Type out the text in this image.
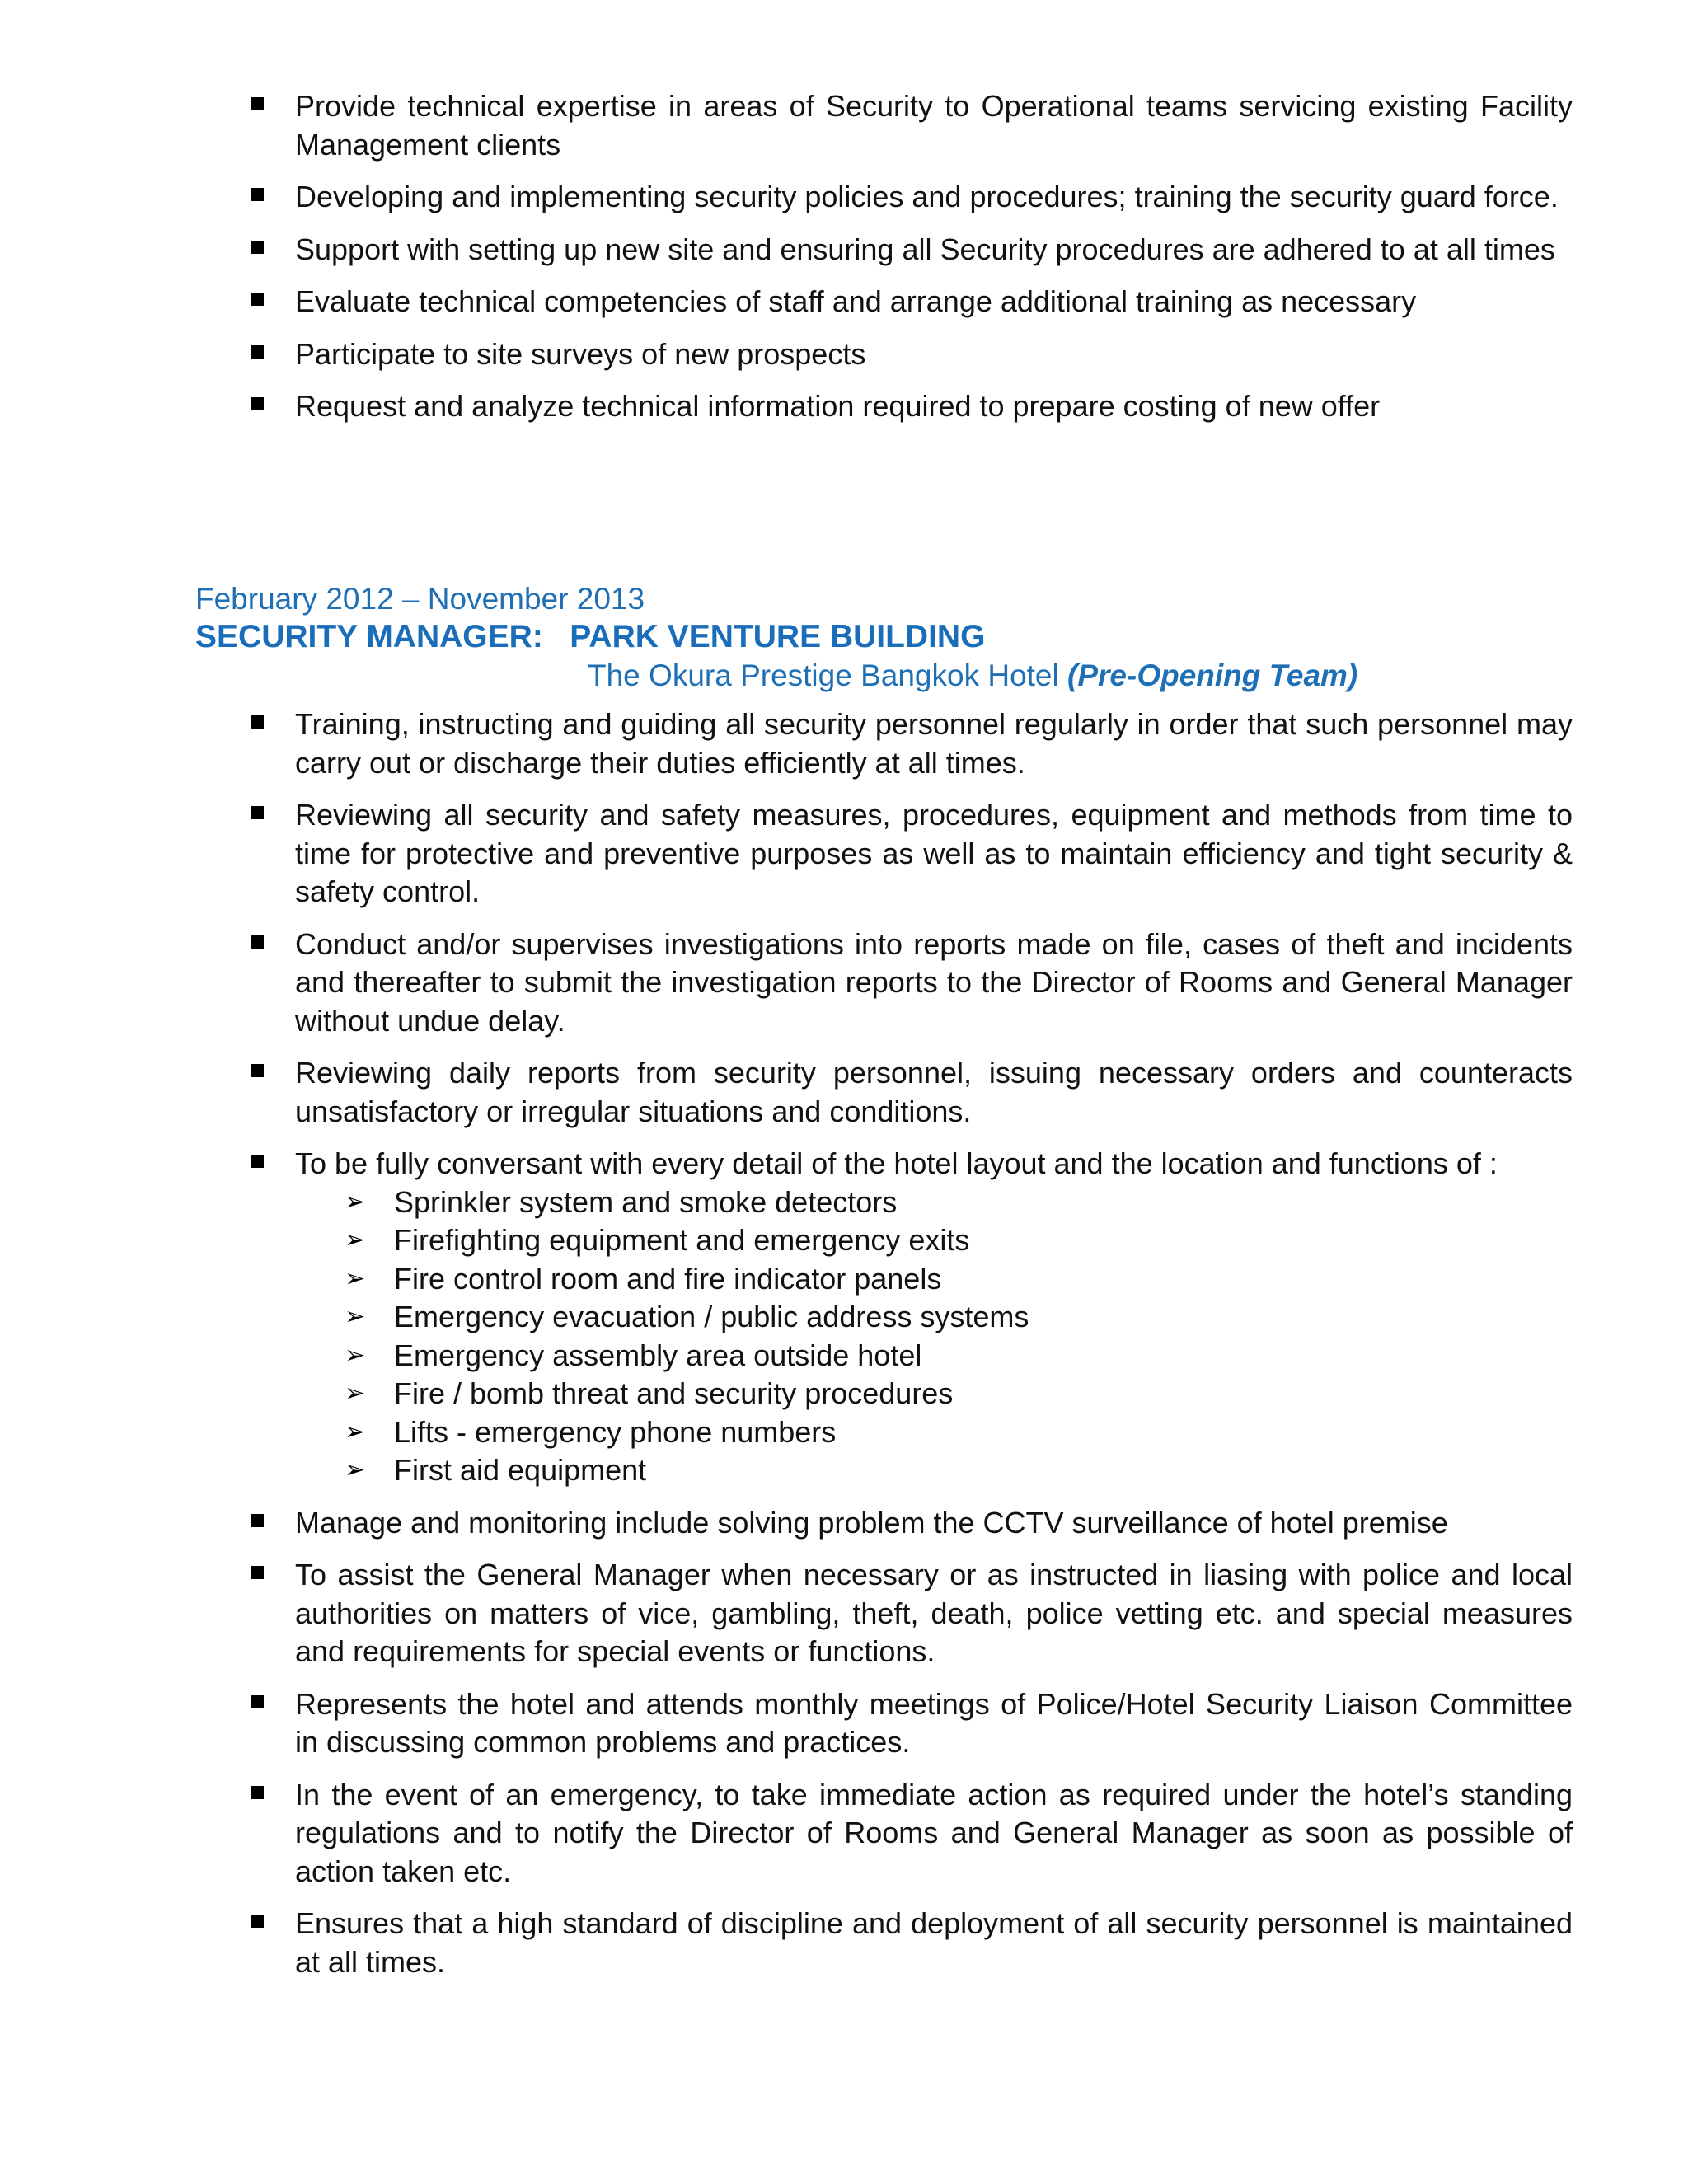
Provide technical expertise in areas of Security to Operational teams servicing existing Facility Management clients
Developing and implementing security policies and procedures; training the security guard force.
Support with setting up new site and ensuring all Security procedures are adhered to at all times
Evaluate technical competencies of staff and arrange additional training as necessary
Participate to site surveys of new prospects
Request and analyze technical information required to prepare costing of new offer
February 2012 – November 2013
SECURITY MANAGER:   PARK VENTURE BUILDING
The Okura Prestige Bangkok Hotel (Pre-Opening Team)
Training, instructing and guiding all security personnel regularly in order that such personnel may carry out or discharge their duties efficiently at all times.
Reviewing all security and safety measures, procedures, equipment and methods from time to time for protective and preventive purposes as well as to maintain efficiency and tight security & safety control.
Conduct and/or supervises investigations into reports made on file, cases of theft and incidents and thereafter to submit the investigation reports to the Director of Rooms and General Manager without undue delay.
Reviewing daily reports from security personnel, issuing necessary orders and counteracts unsatisfactory or irregular situations and conditions.
To be fully conversant with every detail of the hotel layout and the location and functions of :
➢ Sprinkler system and smoke detectors
➢ Firefighting equipment and emergency exits
➢ Fire control room and fire indicator panels
➢ Emergency evacuation / public address systems
➢ Emergency assembly area outside hotel
➢ Fire / bomb threat and security procedures
➢ Lifts - emergency phone numbers
➢ First aid equipment
Manage and monitoring include solving problem the CCTV surveillance of hotel premise
To assist the General Manager when necessary or as instructed in liasing with police and local authorities on matters of vice, gambling, theft, death, police vetting etc. and special measures and requirements for special events or functions.
Represents the hotel and attends monthly meetings of Police/Hotel Security Liaison Committee in discussing common problems and practices.
In the event of an emergency, to take immediate action as required under the hotel’s standing regulations and to notify the Director of Rooms and General Manager as soon as possible of action taken etc.
Ensures that a high standard of discipline and deployment of all security personnel is maintained at all times.
